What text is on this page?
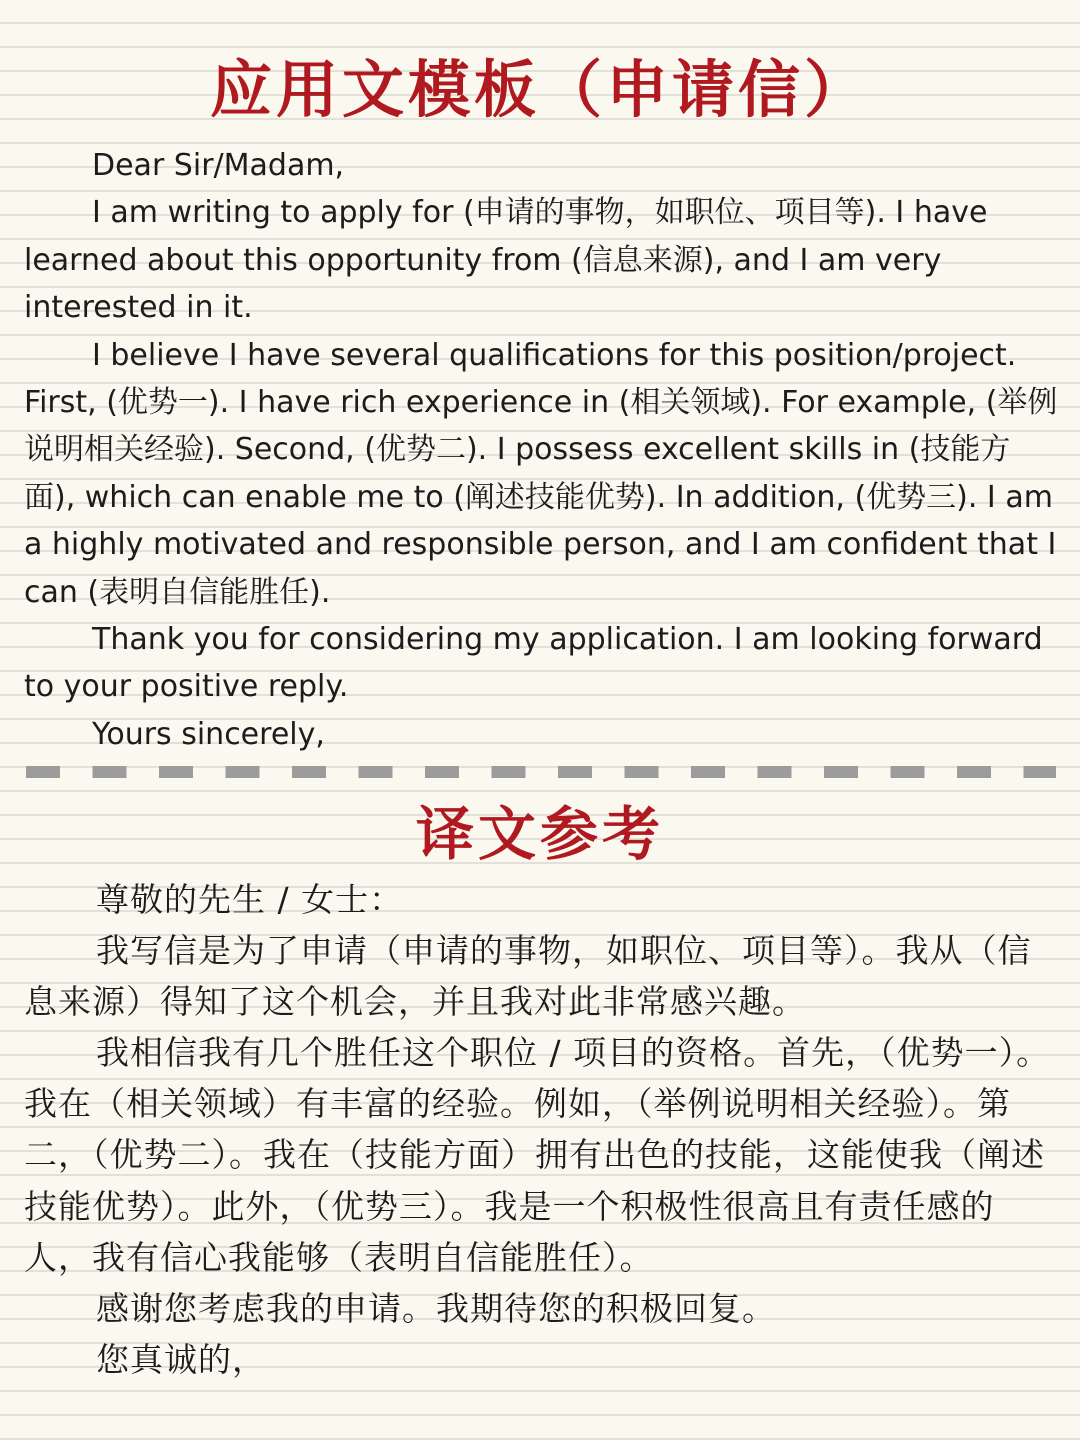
应用文模板（申请信）

Dear Sir/Madam,

I am writing to apply for (申请的事物，如职位、项目等). I have learned about this opportunity from (信息来源), and I am very interested in it.

I believe I have several qualifications for this position/project. First, (优势一). I have rich experience in (相关领域). For example, (举例说明相关经验). Second, (优势二). I possess excellent skills in (技能方面), which can enable me to (阐述技能优势). In addition, (优势三). I am a highly motivated and responsible person, and I am confident that I can (表明自信能胜任).

Thank you for considering my application. I am looking forward to your positive reply.

Yours sincerely,

译文参考

尊敬的先生 / 女士：

我写信是为了申请（申请的事物，如职位、项目等）。我从（信息来源）得知了这个机会，并且我对此非常感兴趣。

我相信我有几个胜任这个职位 / 项目的资格。首先，（优势一）。我在（相关领域）有丰富的经验。例如，（举例说明相关经验）。第二，（优势二）。我在（技能方面）拥有出色的技能，这能使我（阐述技能优势）。此外，（优势三）。我是一个积极性很高且有责任感的人，我有信心我能够（表明自信能胜任）。

感谢您考虑我的申请。我期待您的积极回复。

您真诚的，
